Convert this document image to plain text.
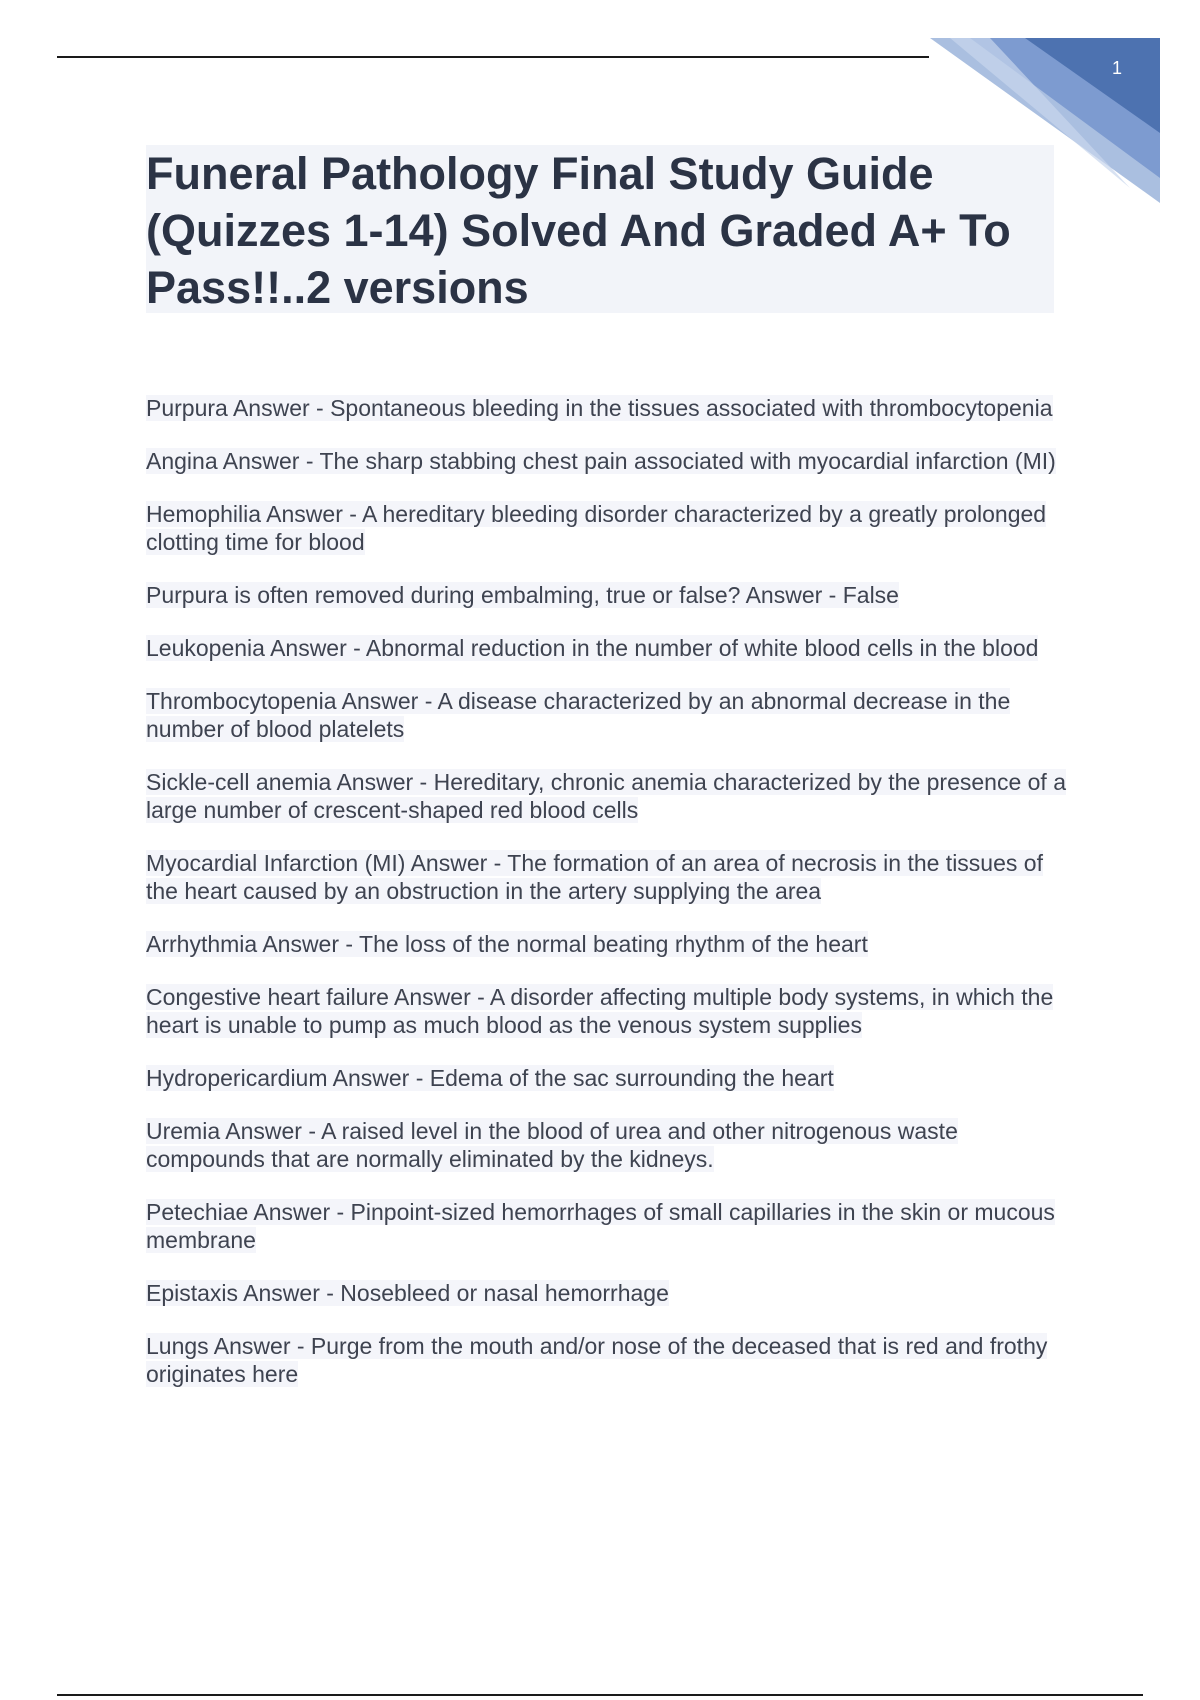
1
Funeral Pathology Final Study Guide (Quizzes 1-14) Solved And Graded A+ To Pass!!..2 versions

Purpura Answer - Spontaneous bleeding in the tissues associated with thrombocytopenia

Angina Answer - The sharp stabbing chest pain associated with myocardial infarction (MI)

Hemophilia Answer - A hereditary bleeding disorder characterized by a greatly prolonged clotting time for blood

Purpura is often removed during embalming, true or false? Answer - False

Leukopenia Answer - Abnormal reduction in the number of white blood cells in the blood

Thrombocytopenia Answer - A disease characterized by an abnormal decrease in the number of blood platelets

Sickle-cell anemia Answer - Hereditary, chronic anemia characterized by the presence of a large number of crescent-shaped red blood cells

Myocardial Infarction (MI) Answer - The formation of an area of necrosis in the tissues of the heart caused by an obstruction in the artery supplying the area

Arrhythmia Answer - The loss of the normal beating rhythm of the heart

Congestive heart failure Answer - A disorder affecting multiple body systems, in which the heart is unable to pump as much blood as the venous system supplies

Hydropericardium Answer - Edema of the sac surrounding the heart

Uremia Answer - A raised level in the blood of urea and other nitrogenous waste compounds that are normally eliminated by the kidneys.

Petechiae Answer - Pinpoint-sized hemorrhages of small capillaries in the skin or mucous membrane

Epistaxis Answer - Nosebleed or nasal hemorrhage

Lungs Answer - Purge from the mouth and/or nose of the deceased that is red and frothy originates here
